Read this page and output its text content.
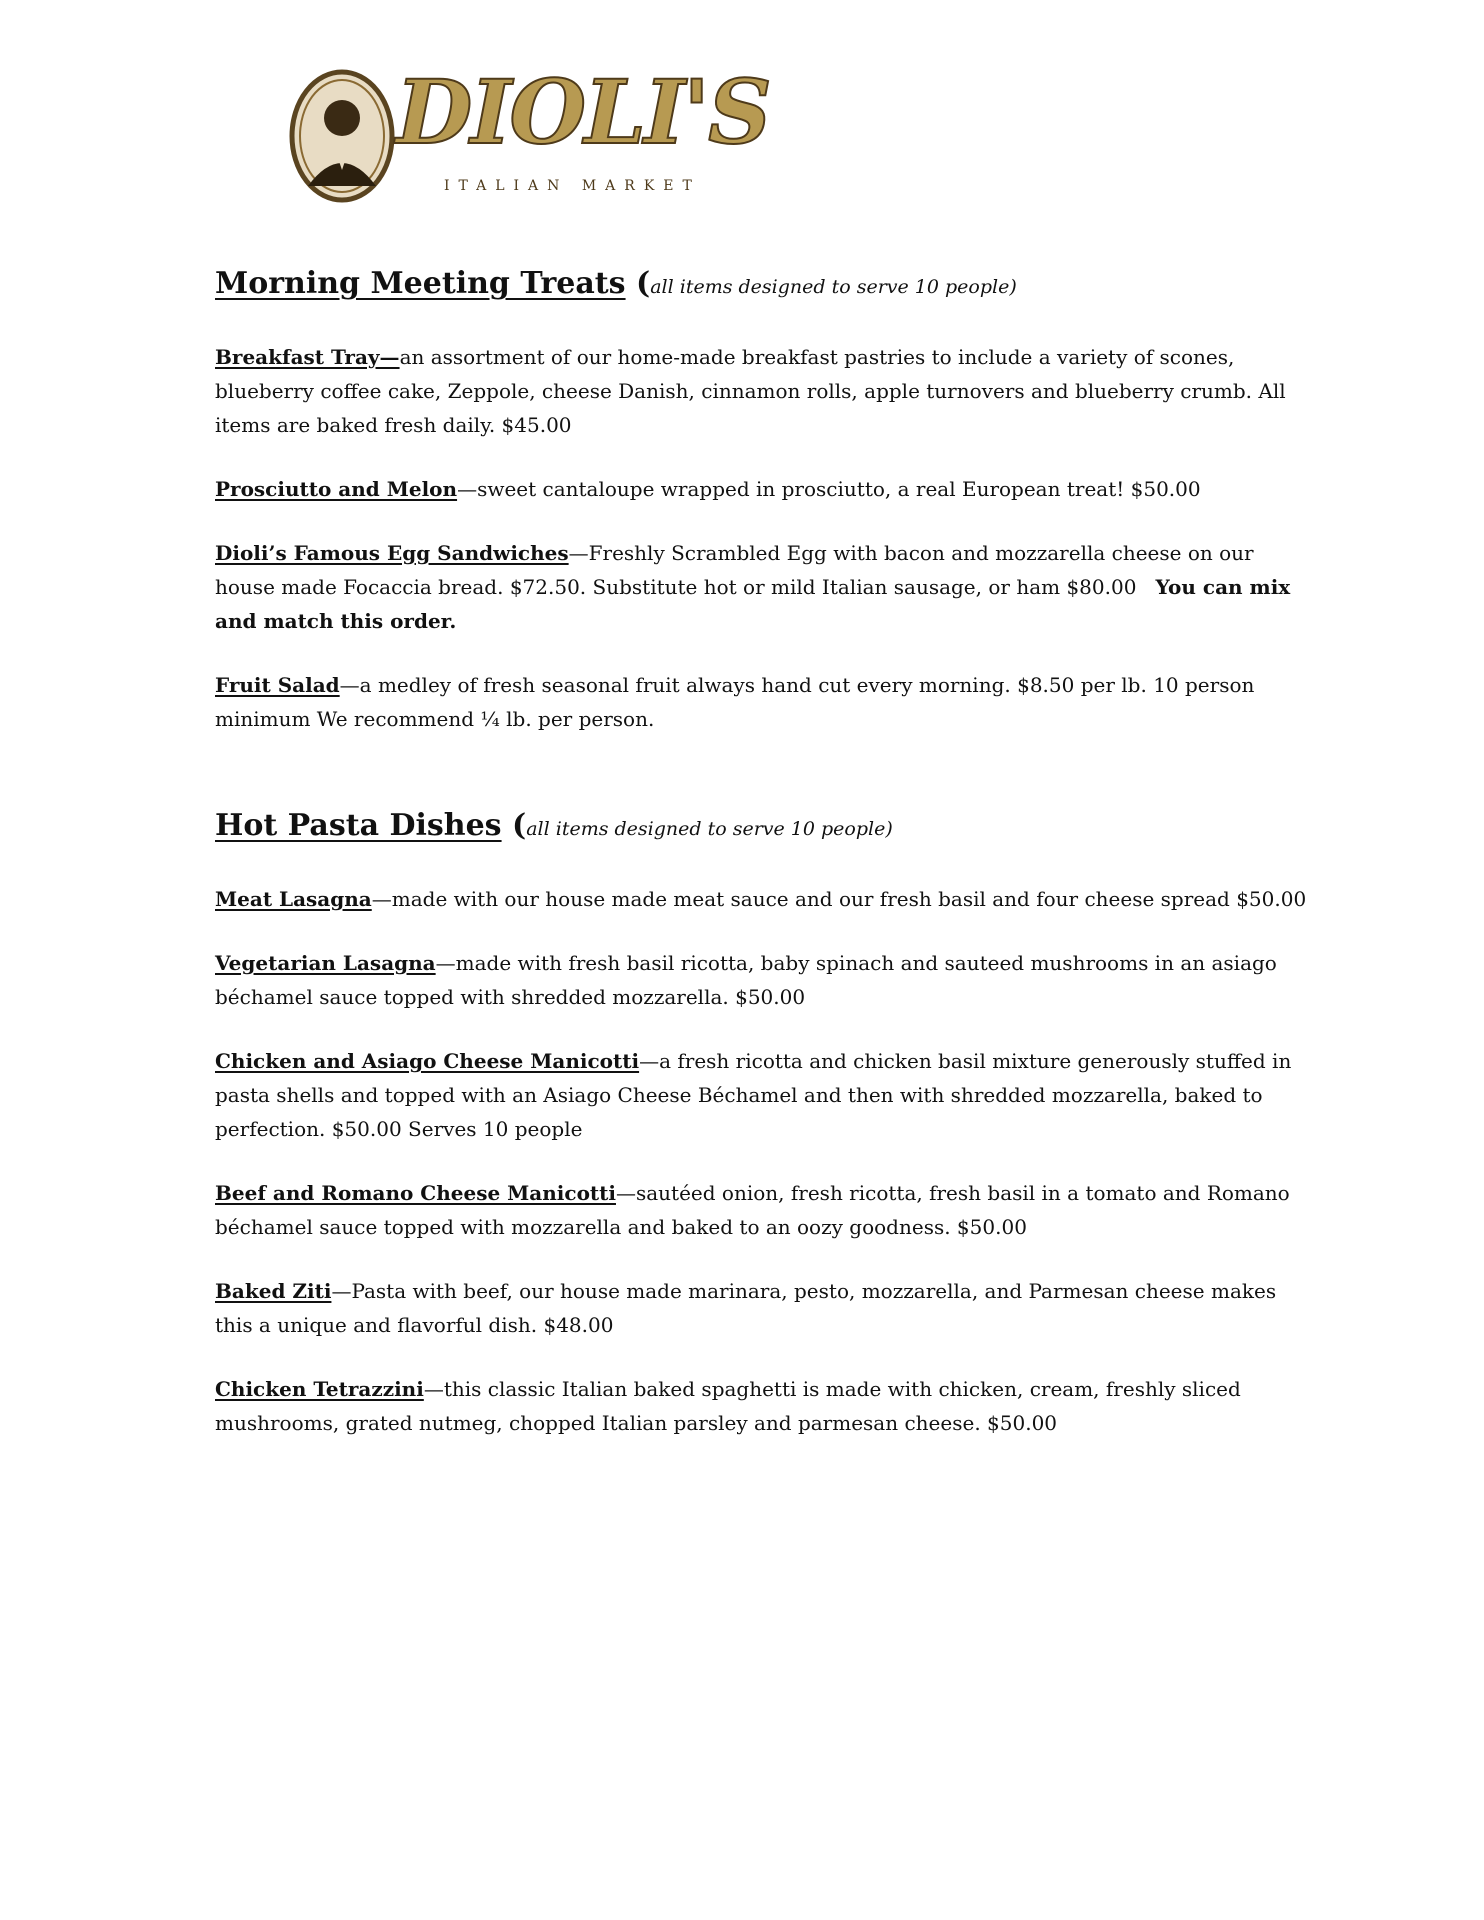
DIOLI'S
ITALIAN MARKET
Morning Meeting Treats (all items designed to serve 10 people)

Breakfast Tray—an assortment of our home-made breakfast pastries to include a variety of scones, blueberry coffee cake, Zeppole, cheese Danish, cinnamon rolls, apple turnovers and blueberry crumb. All items are baked fresh daily. $45.00

Prosciutto and Melon—sweet cantaloupe wrapped in prosciutto, a real European treat! $50.00

Dioli’s Famous Egg Sandwiches—Freshly Scrambled Egg with bacon and mozzarella cheese on our house made Focaccia bread. $72.50. Substitute hot or mild Italian sausage, or ham $80.00 You can mix and match this order.

Fruit Salad—a medley of fresh seasonal fruit always hand cut every morning. $8.50 per lb. 10 person minimum We recommend ¼ lb. per person.

Hot Pasta Dishes (all items designed to serve 10 people)

Meat Lasagna—made with our house made meat sauce and our fresh basil and four cheese spread $50.00

Vegetarian Lasagna—made with fresh basil ricotta, baby spinach and sauteed mushrooms in an asiago béchamel sauce topped with shredded mozzarella. $50.00

Chicken and Asiago Cheese Manicotti—a fresh ricotta and chicken basil mixture generously stuffed in pasta shells and topped with an Asiago Cheese Béchamel and then with shredded mozzarella, baked to perfection. $50.00 Serves 10 people

Beef and Romano Cheese Manicotti—sautéed onion, fresh ricotta, fresh basil in a tomato and Romano béchamel sauce topped with mozzarella and baked to an oozy goodness. $50.00

Baked Ziti—Pasta with beef, our house made marinara, pesto, mozzarella, and Parmesan cheese makes this a unique and flavorful dish. $48.00

Chicken Tetrazzini—this classic Italian baked spaghetti is made with chicken, cream, freshly sliced mushrooms, grated nutmeg, chopped Italian parsley and parmesan cheese. $50.00
